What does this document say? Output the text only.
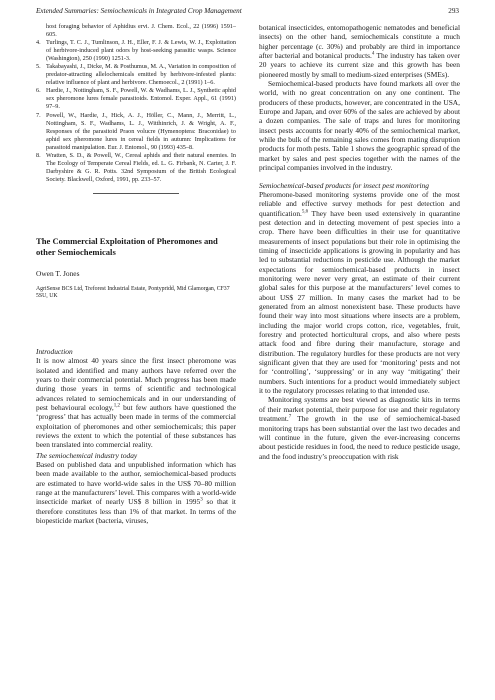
Extended Summaries: Semiochemicals in Integrated Crop Management	293

host foraging behavior of Aphidius ervi. J. Chem. Ecol., 22 (1996) 1591–605.

4. Turlings, T. C. J., Tumlinson, J. H., Eller, F. J. & Lewis, W. J., Exploitation of herbivore-induced plant odors by host-seeking parasitic wasps. Science (Washington), 250 (1990) 1251-3.

5. Takabayashi, J., Dicke, M. & Posthumus, M. A., Variation in composition of predator-attracting allelochemicals emitted by herbivore-infested plants: relative influence of plant and herbivore. Chemoecol., 2 (1991) 1–6.

6. Hardie, J., Nottingham, S. F., Powell, W. & Wadhams, L. J., Synthetic aphid sex pheromone lures female parasitoids. Entomol. Exper. Appl., 61 (1991) 97–9.

7. Powell, W., Hardie, J., Hick, A. J., Höller, C., Mann, J., Merritt, L., Nottingham, S. F., Wadhams, L. J., Witthinrich, J. & Wright, A. F., Responses of the parasitoid Praon volucre (Hymenoptera: Braconidae) to aphid sex pheromone lures in cereal fields in autumn: Implications for parasitoid manipulation. Eur. J. Entomol., 90 (1993) 435–8.

8. Wratten, S. D., & Powell, W., Cereal aphids and their natural enemies. In The Ecology of Temperate Cereal Fields, ed. L. G. Firbank, N. Carter, J. F. Darbyshire & G. R. Potts. 32nd Symposium of the British Ecological Society. Blackwell, Oxford, 1991, pp. 233–57.

The Commercial Exploitation of Pheromones and other Semiochemicals

Owen T. Jones

AgriSense BCS Ltd, Treforest Industrial Estate, Pontypridd, Mid Glamorgan, CF37 5SU, UK

Introduction

It is now almost 40 years since the first insect pheromone was isolated and identified and many authors have referred over the years to their commercial potential. Much progress has been made during those years in terms of scientific and technological advances related to semiochemicals and in our understanding of pest behavioural ecology,$^{1,2}$ but few authors have questioned the ‘progress’ that has actually been made in terms of the commercial exploitation of pheromones and other semiochemicals; this paper reviews the extent to which the potential of these substances has been translated into commercial reality.

The semiochemical industry today

Based on published data and unpublished information which has been made available to the author, semiochemical-based products are estimated to have world-wide sales in the US$ 70–80 million range at the manufacturers’ level. This compares with a world-wide insecticide market of nearly US$ 8 billion in 1995$^3$ so that it therefore constitutes less than 1% of that market. In terms of the biopesticide market (bacteria, viruses,

botanical insecticides, entomopathogenic nematodes and beneficial insects) on the other hand, semiochemicals constitute a much higher percentage (c. 30%) and probably are third in importance after bacterial and botanical products.$^4$ The industry has taken over 20 years to achieve its current size and this growth has been pioneered mostly by small to medium-sized enterprises (SMEs).

Semiochemical-based products have found markets all over the world, with no great concentration on any one continent. The producers of these products, however, are concentrated in the USA, Europe and Japan, and over 60% of the sales are achieved by about a dozen companies. The sale of traps and lures for monitoring insect pests accounts for nearly 40% of the semiochemical market, while the bulk of the remaining sales comes from mating disruption products for moth pests. Table 1 shows the geographic spread of the market by sales and pest species together with the names of the principal companies involved in the industry.

Semiochemical-based products for insect pest monitoring

Pheromone-based monitoring systems provide one of the most reliable and effective survey methods for pest detection and quantification.$^{5,6}$ They have been used extensively in quarantine pest detection and in detecting movement of pest species into a crop. There have been difficulties in their use for quantitative measurements of insect populations but their role in optimising the timing of insecticide applications is growing in popularity and has led to substantial reductions in pesticide use. Although the market expectations for semiochemical-based products in insect monitoring were never very great, an estimate of their current global sales for this purpose at the manufacturers’ level comes to about US$ 27 million. In many cases the market had to be generated from an almost nonexistent base. These products have found their way into most situations where insects are a problem, including the major world crops cotton, rice, vegetables, fruit, forestry and protected horticultural crops, and also where pests attack food and fibre during their manufacture, storage and distribution. The regulatory hurdles for these products are not very significant given that they are used for ‘monitoring’ pests and not for ‘controlling’, ‘suppressing’ or in any way ‘mitigating’ their numbers. Such intentions for a product would immediately subject it to the regulatory processes relating to that intended use.

Monitoring systems are best viewed as diagnostic kits in terms of their market potential, their purpose for use and their regulatory treatment.$^7$ The growth in the use of semiochemical-based monitoring traps has been substantial over the last two decades and will continue in the future, given the ever-increasing concerns about pesticide residues in food, the need to reduce pesticide usage, and the food industry’s preoccupation with risk
